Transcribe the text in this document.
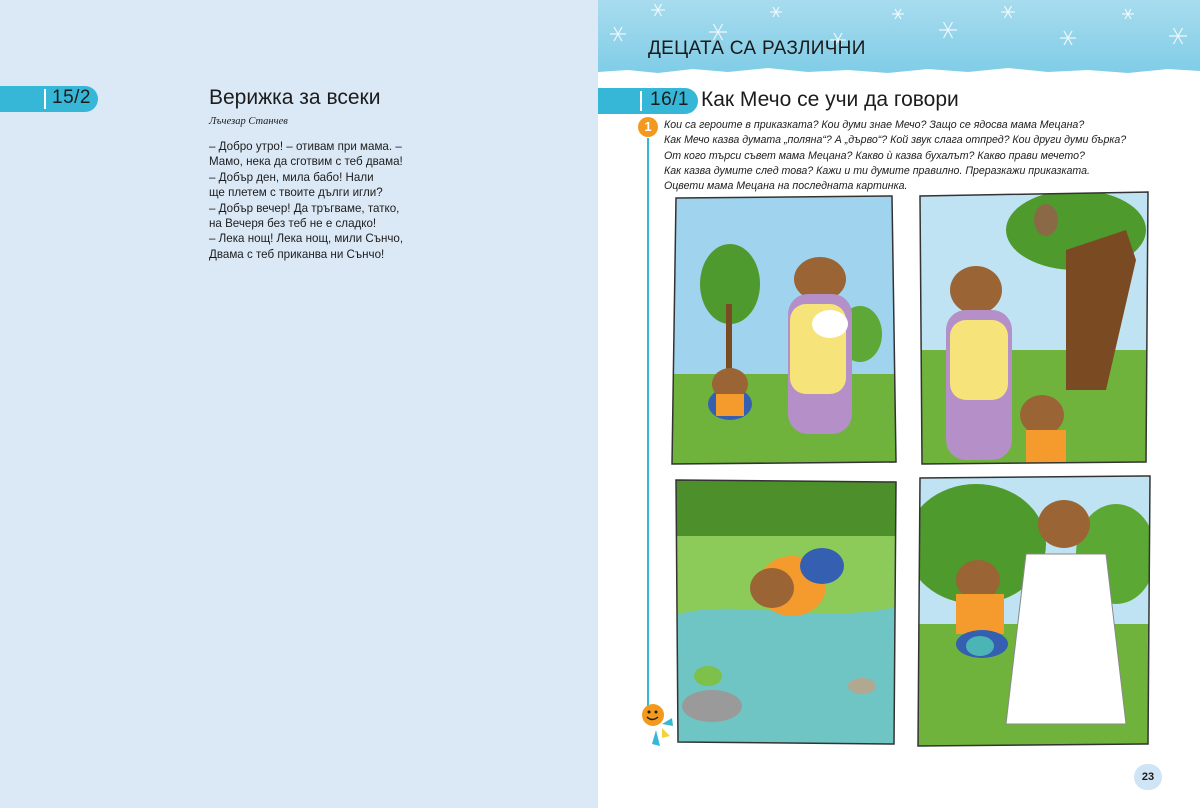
15/2	Верижка за всеки
Лъчезар Станчев
– Добро утро! – отивам при мама. –
Мамо, нека да сготвим с теб двама!
– Добър ден, мила бабо! Нали
ще плетем с твоите дълги игли?
– Добър вечер! Да тръгваме, татко,
на Вечеря без теб не е сладко!
– Лека нощ! Лека нощ, мили Сънчо,
Двама с теб приканва ни Сънчо!
ДЕЦАТА СА РАЗЛИЧНИ
16/1 Как Мечо се учи да говори
1	Кои са героите в приказката? Кои думи знае Мечо? Защо се ядосва мама Мецана?
Как Мечо казва думата „поляна“? А „дърво“? Кой звук слага отпред? Кои други думи бърка?
От кого търси съвет мама Мецана? Какво ѝ казва бухалът? Какво прави мечето?
Как казва думите след това? Кажи и ти думите правилно. Преразкажи приказката.
Оцвети мама Мецана на последната картинка.
23
